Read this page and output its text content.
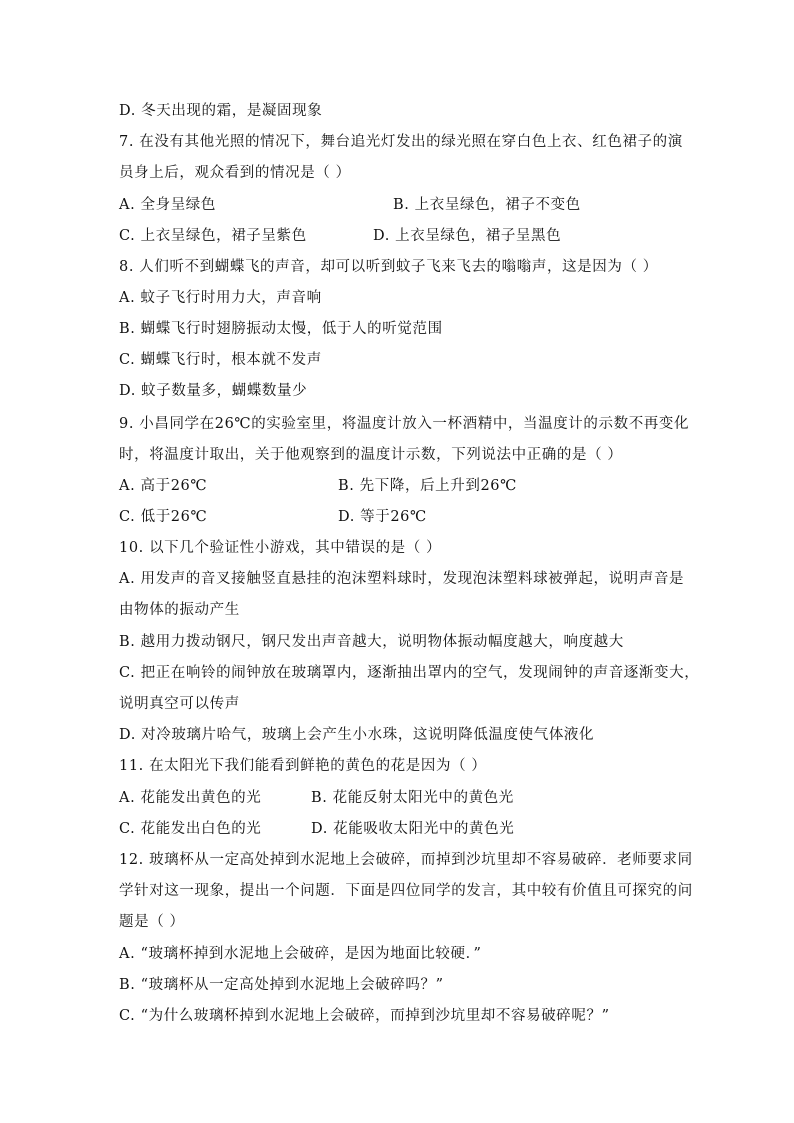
D. 冬天出现的霜，是凝固现象
7. 在没有其他光照的情况下，舞台追光灯发出的绿光照在穿白色上衣、红色裙子的演
员身上后，观众看到的情况是（ ）
A. 全身呈绿色	B. 上衣呈绿色，裙子不变色
C. 上衣呈绿色，裙子呈紫色	D. 上衣呈绿色，裙子呈黑色
8. 人们听不到蝴蝶飞的声音，却可以听到蚊子飞来飞去的嗡嗡声，这是因为（ ）
A. 蚊子飞行时用力大，声音响
B. 蝴蝶飞行时翅膀振动太慢，低于人的听觉范围
C. 蝴蝶飞行时，根本就不发声
D. 蚊子数量多，蝴蝶数量少
9. 小昌同学在26℃的实验室里，将温度计放入一杯酒精中，当温度计的示数不再变化
时，将温度计取出，关于他观察到的温度计示数，下列说法中正确的是（ ）
A. 高于26℃	B. 先下降，后上升到26℃
C. 低于26℃	D. 等于26℃
10. 以下几个验证性小游戏，其中错误的是（ ）
A. 用发声的音叉接触竖直悬挂的泡沫塑料球时，发现泡沫塑料球被弹起，说明声音是
由物体的振动产生
B. 越用力拨动钢尺，钢尺发出声音越大，说明物体振动幅度越大，响度越大
C. 把正在响铃的闹钟放在玻璃罩内，逐渐抽出罩内的空气，发现闹钟的声音逐渐变大，
说明真空可以传声
D. 对冷玻璃片哈气，玻璃上会产生小水珠，这说明降低温度使气体液化
11. 在太阳光下我们能看到鲜艳的黄色的花是因为（ ）
A. 花能发出黄色的光	B. 花能反射太阳光中的黄色光
C. 花能发出白色的光	D. 花能吸收太阳光中的黄色光
12. 玻璃杯从一定高处掉到水泥地上会破碎，而掉到沙坑里却不容易破碎．老师要求同
学针对这一现象，提出一个问题．下面是四位同学的发言，其中较有价值且可探究的问
题是（ ）
A. “玻璃杯掉到水泥地上会破碎，是因为地面比较硬．”
B. “玻璃杯从一定高处掉到水泥地上会破碎吗？”
C. “为什么玻璃杯掉到水泥地上会破碎，而掉到沙坑里却不容易破碎呢？”
